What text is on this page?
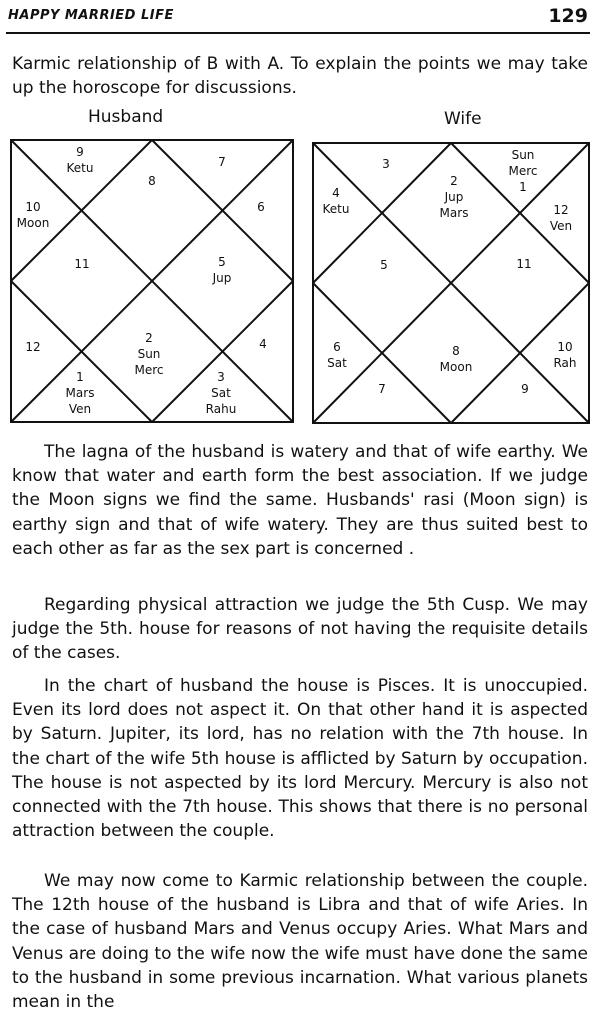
HAPPY MARRIED LIFE	129

Karmic relationship of B with A. To explain the points we may take up the horoscope for discussions.

Husband	Wife
9 Ketu
8
7
10 Moon
11	5 Jup
6
12
2 Sun Merc
4
1 Mars Ven
3 Sat Rahu
3
2 Jup Mars
Sun Merc 1
4 Ketu	12 Ven
5	11
6 Sat
8 Moon
10 Rah
7	9

The lagna of the husband is watery and that of wife earthy. We know that water and earth form the best association. If we judge the Moon signs we find the same. Husbands' rasi (Moon sign) is earthy sign and that of wife watery. They are thus suited best to each other as far as the sex part is concerned .

Regarding physical attraction we judge the 5th Cusp. We may judge the 5th. house for reasons of not having the requisite details of the cases.

In the chart of husband the house is Pisces. It is unoccupied. Even its lord does not aspect it. On that other hand it is aspected by Saturn. Jupiter, its lord, has no relation with the 7th house. In the chart of the wife 5th house is afflicted by Saturn by occupation. The house is not aspected by its lord Mercury. Mercury is also not connected with the 7th house. This shows that there is no personal attraction between the couple.

We may now come to Karmic relationship between the couple. The 12th house of the husband is Libra and that of wife Aries. In the case of husband Mars and Venus occupy Aries. What Mars and Venus are doing to the wife now the wife must have done the same to the husband in some previous incarnation. What various planets mean in the
